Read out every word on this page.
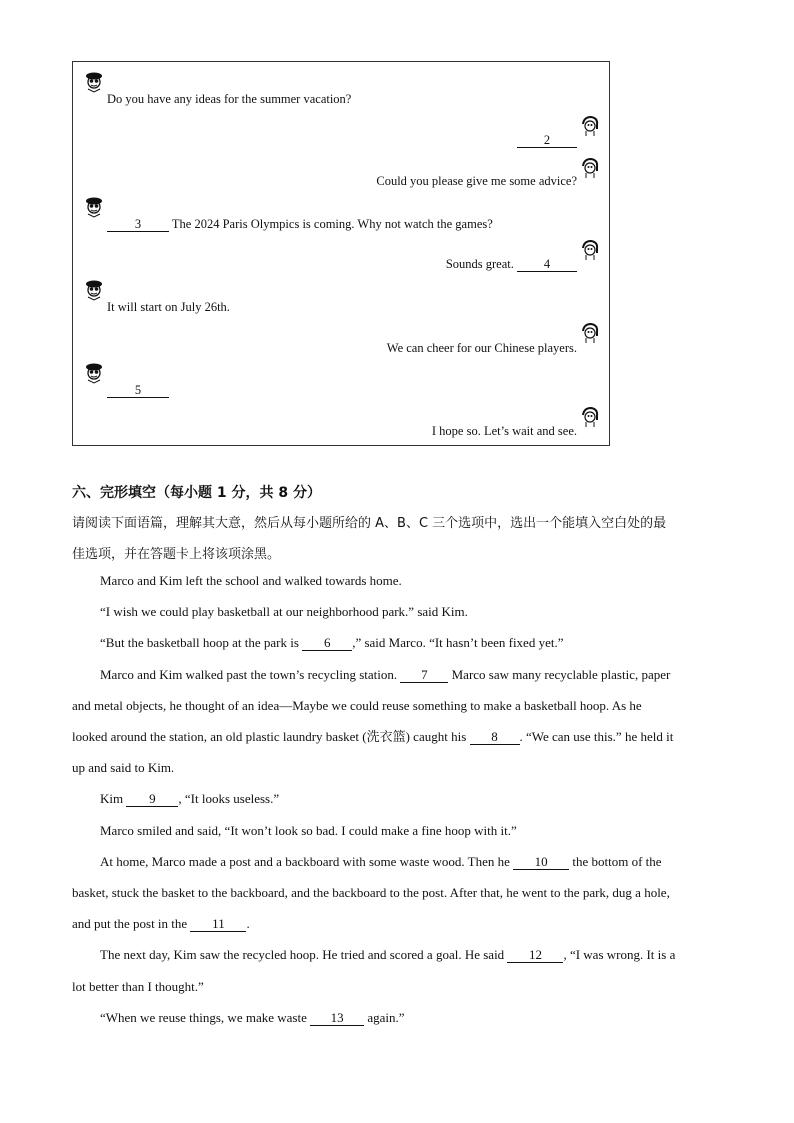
Do you have any ideas for the summer vacation?
2
Could you please give me some advice?
3 The 2024 Paris Olympics is coming. Why not watch the games?
Sounds great. 4
It will start on July 26th.
We can cheer for our Chinese players.
5
I hope so. Let’s wait and see.
六、完形填空（每小题 1 分，共 8 分）
请阅读下面语篇，理解其大意，然后从每小题所给的 A、B、C 三个选项中，选出一个能填入空白处的最
佳选项，并在答题卡上将该项涂黑。
Marco and Kim left the school and walked towards home.
“I wish we could play basketball at our neighborhood park.” said Kim.
“But the basketball hoop at the park is 6 ,” said Marco. “It hasn’t been fixed yet.”
Marco and Kim walked past the town’s recycling station. 7 Marco saw many recyclable plastic, paper
and metal objects, he thought of an idea—Maybe we could reuse something to make a basketball hoop. As he
looked around the station, an old plastic laundry basket (洗衣篮) caught his 8 . “We can use this.” he held it
up and said to Kim.
Kim 9 , “It looks useless.”
Marco smiled and said, “It won’t look so bad. I could make a fine hoop with it.”
At home, Marco made a post and a backboard with some waste wood. Then he 10 the bottom of the
basket, stuck the basket to the backboard, and the backboard to the post. After that, he went to the park, dug a hole,
and put the post in the 11 .
The next day, Kim saw the recycled hoop. He tried and scored a goal. He said 12 , “I was wrong. It is a
lot better than I thought.”
“When we reuse things, we make waste 13 again.”
